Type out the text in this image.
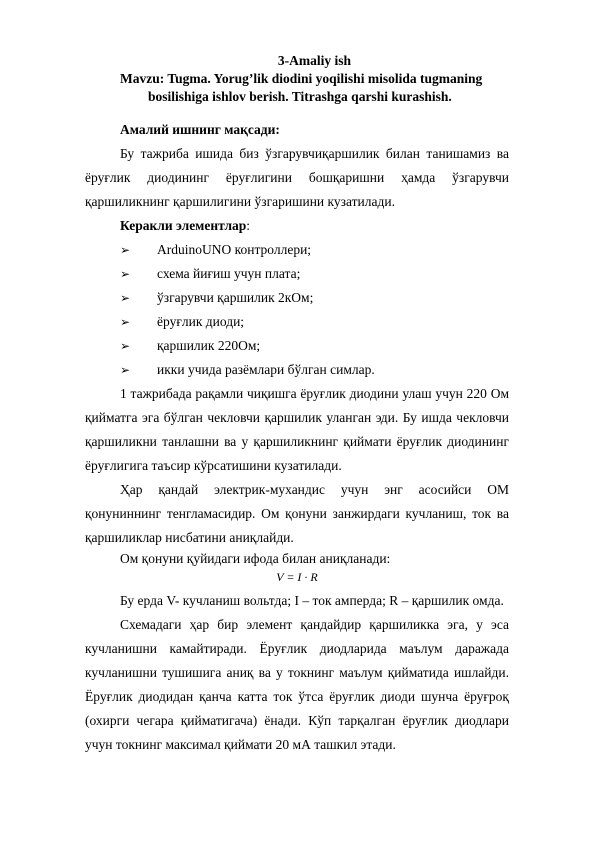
3-Amaliy ish
Mavzu: Tugma. Yorug’lik diodini yoqilishi misolida tugmaning
bosilishiga ishlov berish. Titrashga qarshi kurashish.

Амалий ишнинг мақсади:

Бу тажриба ишида биз ўзгарувчиқаршилик билан танишамиз ва ёруғлик диодининг ёруғлигини бошқаришни ҳамда ўзгарувчи қаршиликнинг қаршилигини ўзгаришини кузатилади.

Керакли элементлар:

➢ ArduinoUNO контроллери;
➢ схема йиғиш учун плата;
➢ ўзгарувчи қаршилик 2кОм;
➢ ёруғлик диоди;
➢ қаршилик 220Ом;
➢ икки учида разёмлари бўлган симлар.

1 тажрибада рақамли чиқишга ёруғлик диодини улаш учун 220 Ом қийматга эга бўлган чекловчи қаршилик уланган эди. Бу ишда чекловчи қаршиликни танлашни ва у қаршиликнинг қиймати ёруғлик диодининг ёруғлигига таъсир кўрсатишини кузатилади.

Ҳар қандай электрик-мухандис учун энг асосийси ОМ қонуниннинг тенгламасидир. Ом қонуни занжирдаги кучланиш, ток ва қаршиликлар нисбатини аниқлайди.

Ом қонуни қуйидаги ифода билан аниқланади:

V = I · R

Бу ерда V- кучланиш вольтда; I – ток амперда; R – қаршилик омда.

Схемадаги ҳар бир элемент қандайдир қаршиликка эга, у эса кучланишни камайтиради. Ёруғлик диодларида маълум даражада кучланишни тушишига аниқ ва у токнинг маълум қийматида ишлайди. Ёруғлик диодидан қанча катта ток ўтса ёруғлик диоди шунча ёруғроқ (охирги чегара қийматигача) ёнади. Кўп тарқалган ёруғлик диодлари учун токнинг максимал қиймати 20 мА ташкил этади.
